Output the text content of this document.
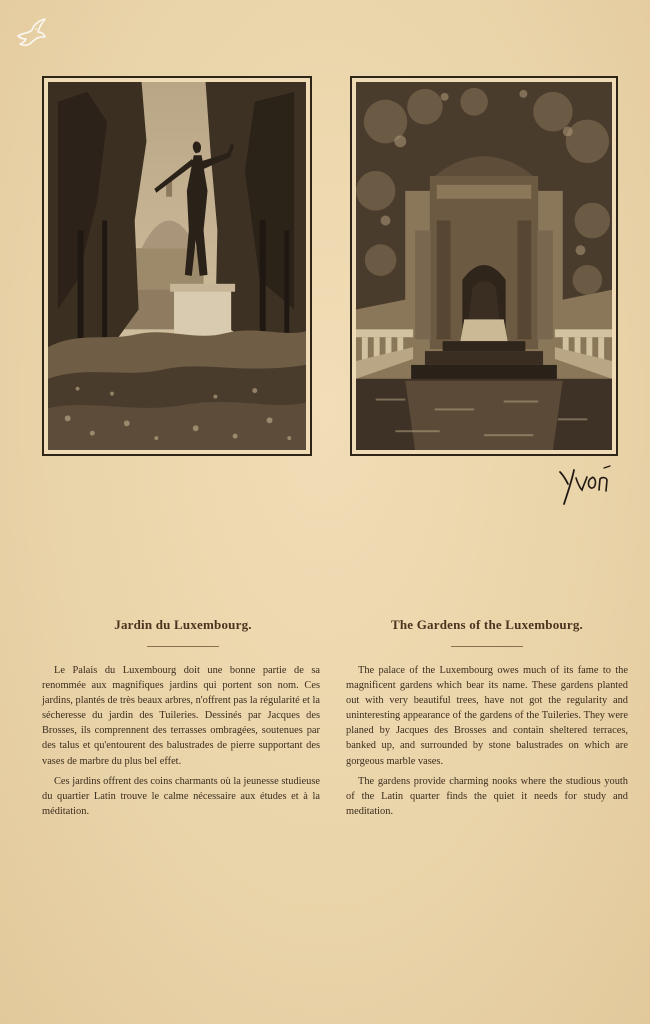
Jardin du Luxembourg.

Le Palais du Luxembourg doit une bonne partie de sa renommée aux magnifiques jardins qui portent son nom. Ces jardins, plantés de très beaux arbres, n'offrent pas la régularité et la sécheresse du jardin des Tuileries. Dessinés par Jacques des Brosses, ils comprennent des terrasses ombragées, soutenues par des talus et qu'entourent des balustrades de pierre supportant des vases de marbre du plus bel effet.

Ces jardins offrent des coins charmants où la jeunesse studieuse du quartier Latin trouve le calme nécessaire aux études et à la méditation.

The Gardens of the Luxembourg.

The palace of the Luxembourg owes much of its fame to the magnificent gardens which bear its name. These gardens planted out with very beautiful trees, have not got the regularity and uninteresting appearance of the gardens of the Tuileries. They were planed by Jacques des Brosses and contain sheltered terraces, banked up, and surrounded by stone balustrades on which are gorgeous marble vases.

The gardens provide charming nooks where the studious youth of the Latin quarter finds the quiet it needs for study and meditation.
